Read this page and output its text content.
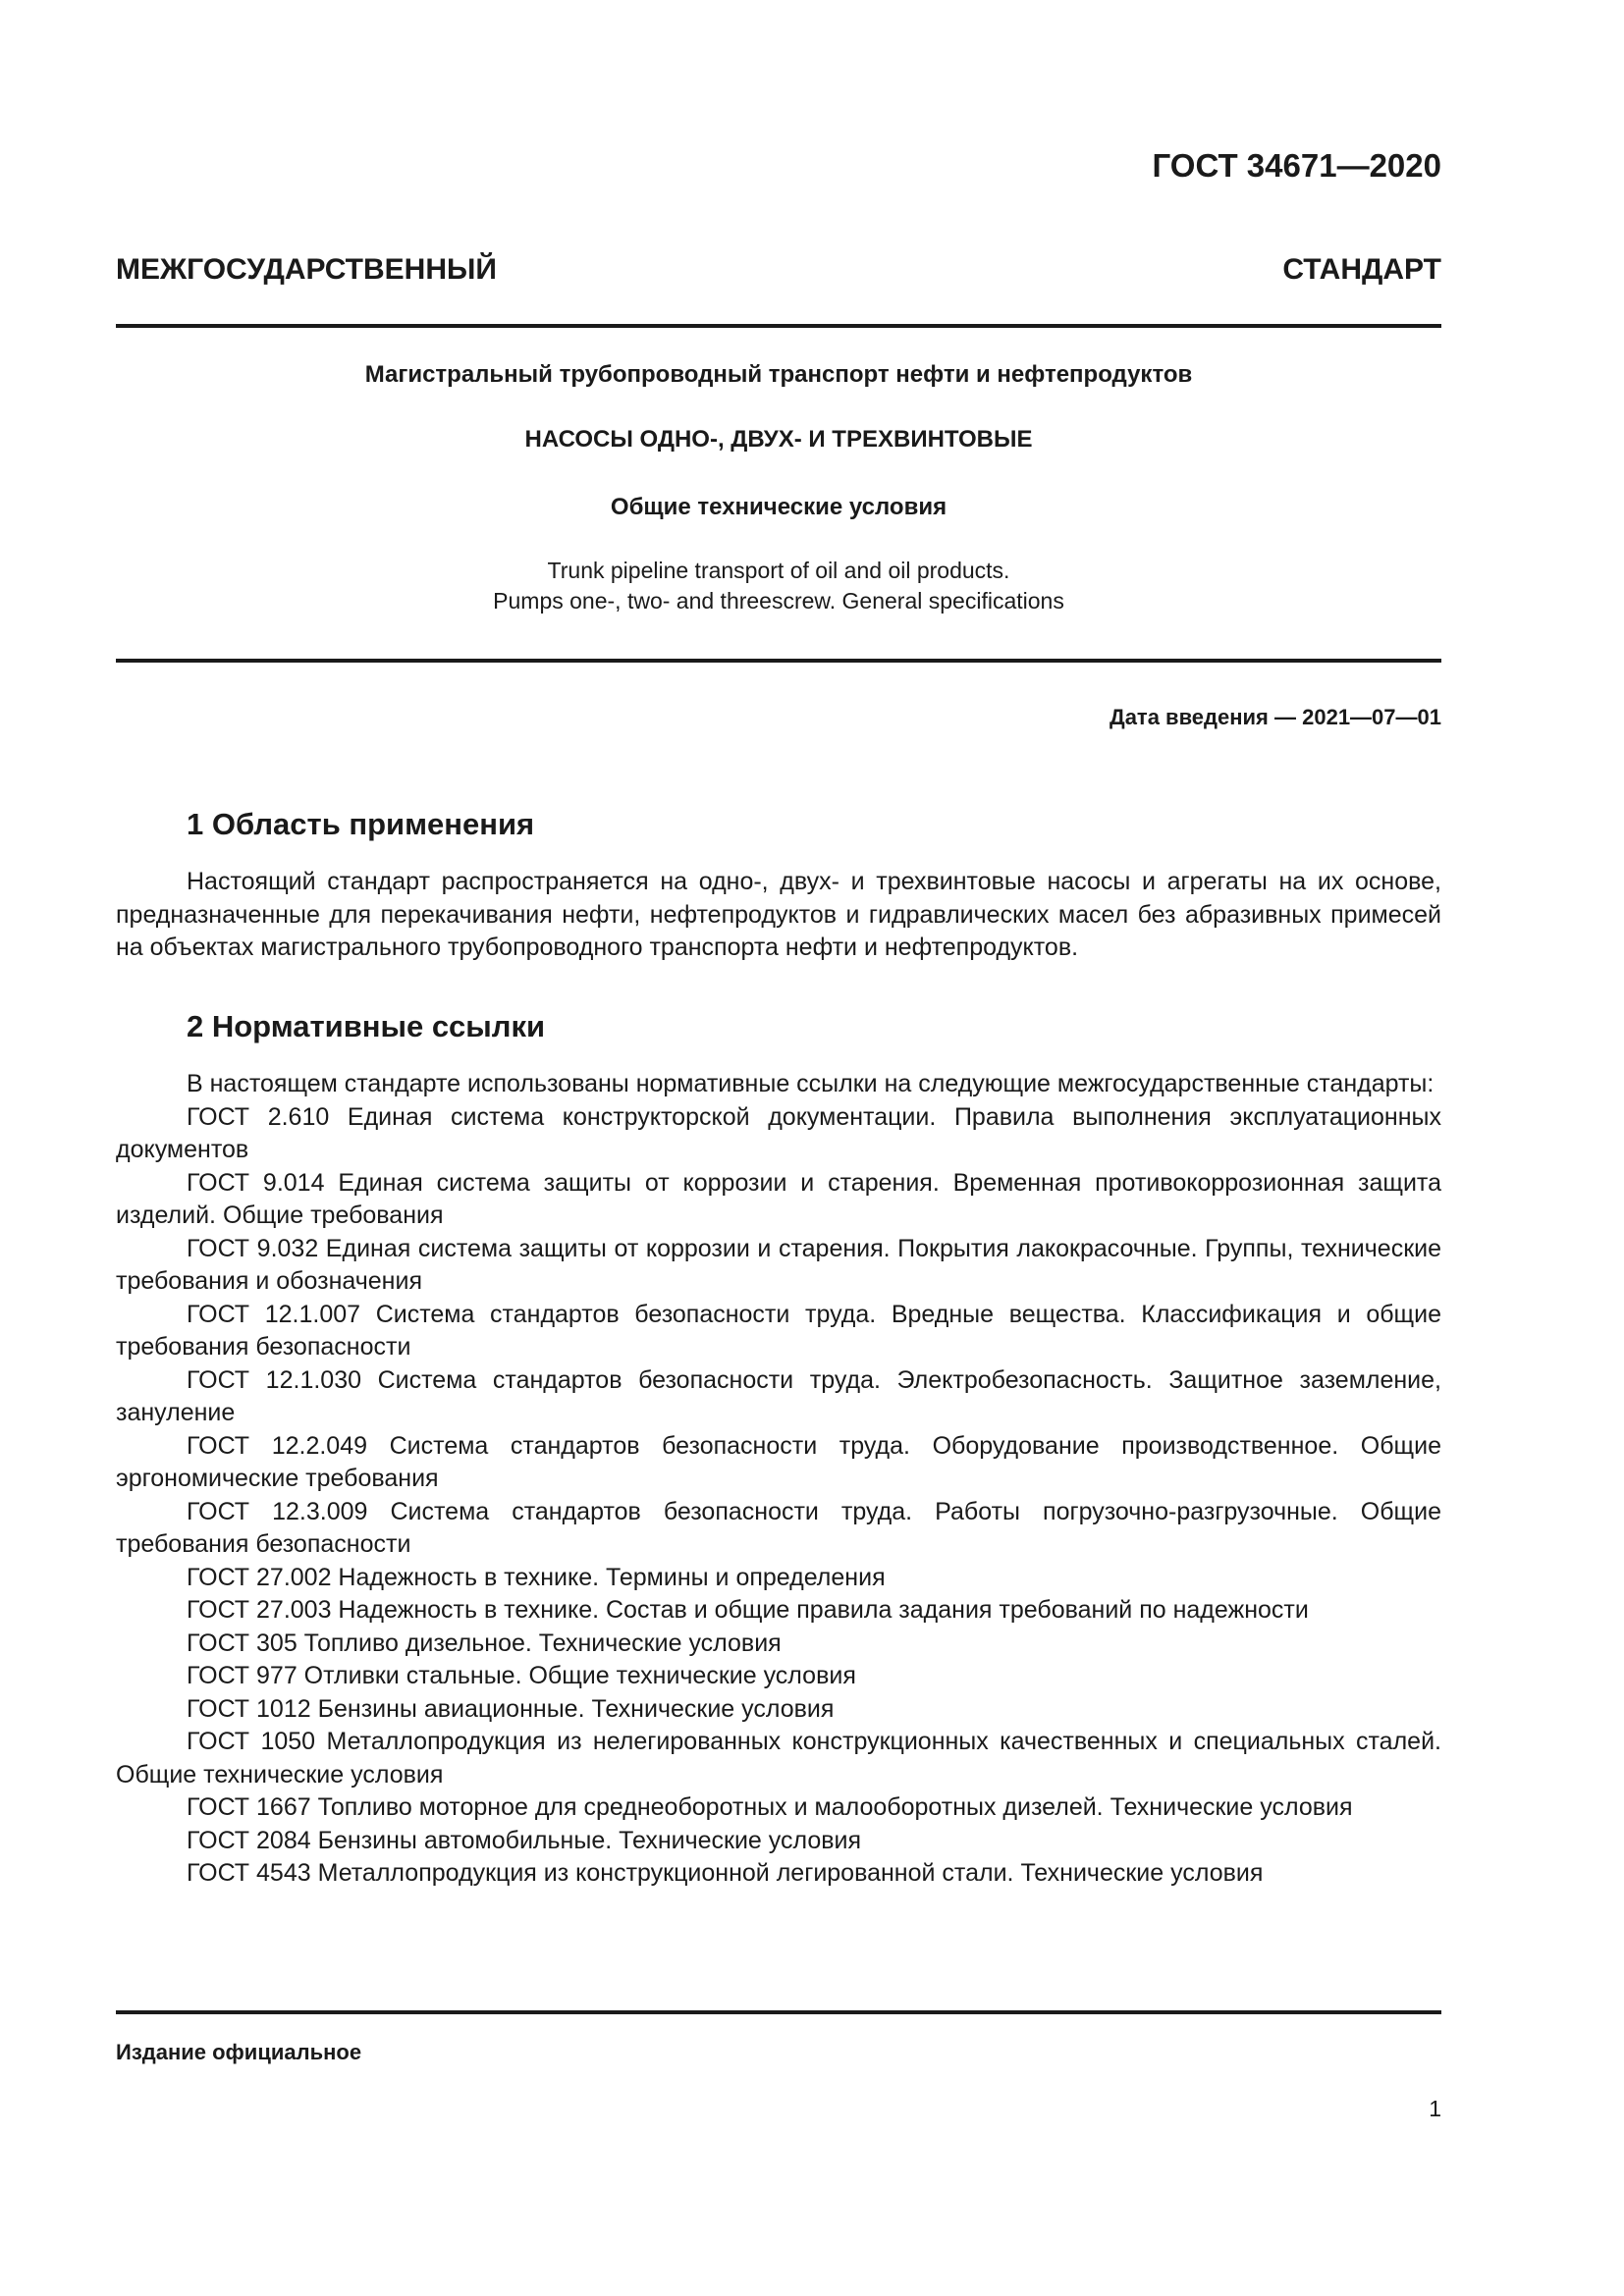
ГОСТ 34671—2020
МЕЖГОСУДАРСТВЕННЫЙ СТАНДАРТ

Магистральный трубопроводный транспорт нефти и нефтепродуктов

НАСОСЫ ОДНО-, ДВУХ- И ТРЕХВИНТОВЫЕ

Общие технические условия

Trunk pipeline transport of oil and oil products.
Pumps one-, two- and threescrew. General specifications

Дата введения — 2021—07—01

1 Область применения

Настоящий стандарт распространяется на одно-, двух- и трехвинтовые насосы и агрегаты на их основе, предназначенные для перекачивания нефти, нефтепродуктов и гидравлических масел без абразивных примесей на объектах магистрального трубопроводного транспорта нефти и нефтепродуктов.

2 Нормативные ссылки

В настоящем стандарте использованы нормативные ссылки на следующие межгосударственные стандарты:

ГОСТ 2.610 Единая система конструкторской документации. Правила выполнения эксплуатационных документов

ГОСТ 9.014 Единая система защиты от коррозии и старения. Временная противокоррозионная защита изделий. Общие требования

ГОСТ 9.032 Единая система защиты от коррозии и старения. Покрытия лакокрасочные. Группы, технические требования и обозначения

ГОСТ 12.1.007 Система стандартов безопасности труда. Вредные вещества. Классификация и общие требования безопасности

ГОСТ 12.1.030 Система стандартов безопасности труда. Электробезопасность. Защитное заземление, зануление

ГОСТ 12.2.049 Система стандартов безопасности труда. Оборудование производственное. Общие эргономические требования

ГОСТ 12.3.009 Система стандартов безопасности труда. Работы погрузочно-разгрузочные. Общие требования безопасности

ГОСТ 27.002 Надежность в технике. Термины и определения

ГОСТ 27.003 Надежность в технике. Состав и общие правила задания требований по надежности

ГОСТ 305 Топливо дизельное. Технические условия

ГОСТ 977 Отливки стальные. Общие технические условия

ГОСТ 1012 Бензины авиационные. Технические условия

ГОСТ 1050 Металлопродукция из нелегированных конструкционных качественных и специальных сталей. Общие технические условия

ГОСТ 1667 Топливо моторное для среднеоборотных и малооборотных дизелей. Технические условия

ГОСТ 2084 Бензины автомобильные. Технические условия

ГОСТ 4543 Металлопродукция из конструкционной легированной стали. Технические условия

Издание официальное

1
